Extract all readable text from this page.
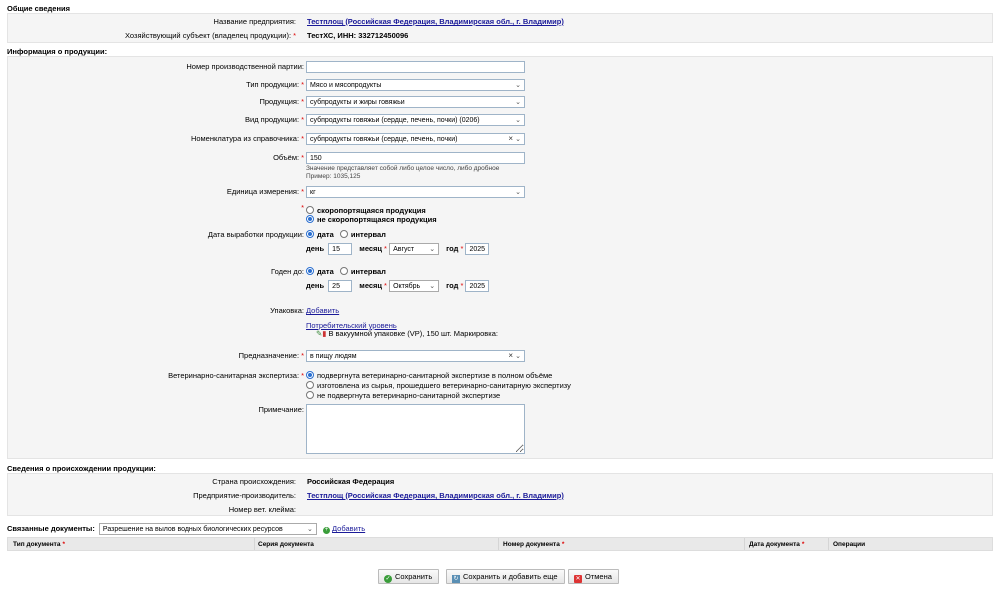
Общие сведения
Название предприятия: Тестплощ (Российская Федерация, Владимирская обл., г. Владимир)
Хозяйствующий субъект (владелец продукции): * ТестХС, ИНН: 332712450096
Информация о продукции:
Номер производственной партии:
Тип продукции: * Мясо и мясопродукты	⌄
Продукция: * субпродукты и жиры говяжьи	⌄
Вид продукции: * субпродукты говяжьи (сердце, печень, почки) (0206)	⌄
Номенклатура из справочника: * субпродукты говяжьи (сердце, печень, почки)	× ⌄
Объём: *
150
Значение представляет собой либо целое число, либо дробное
Пример: 1035,125
Единица измерения: * кг	⌄
*	скоропортящаяся продукция
не скоропортящаяся продукция
Дата выработки продукции:	дата интервал
день 15	месяц * Август ⌄ год * 2025
Годен до:	дата интервал
день 25	месяц * Октябрь ⌄ год * 2025
Упаковка: Добавить
Потребительский уровень
✎▮ В вакуумной упаковке (VP), 150 шт. Маркировка:
Предназначение: * в пищу людям	× ⌄
Ветеринарно-санитарная экспертиза: *	подвергнута ветеринарно-санитарной экспертизе в полном объёме
изготовлена из сырья, прошедшего ветеринарно-санитарную экспертизу
не подвергнута ветеринарно-санитарной экспертизе
Примечание:
Сведения о происхождении продукции:
Страна происхождения: Российская Федерация
Предприятие-производитель: Тестплощ (Российская Федерация, Владимирская обл., г. Владимир)
Номер вет. клейма:
Связанные документы: Разрешение на вылов водных биологических ресурсов	⌄ + Добавить
Тип документа *	Серия документа	Номер документа *	Дата документа *	Операции
✓ Сохранить	↻ Сохранить и добавить еще	✕ Отмена
